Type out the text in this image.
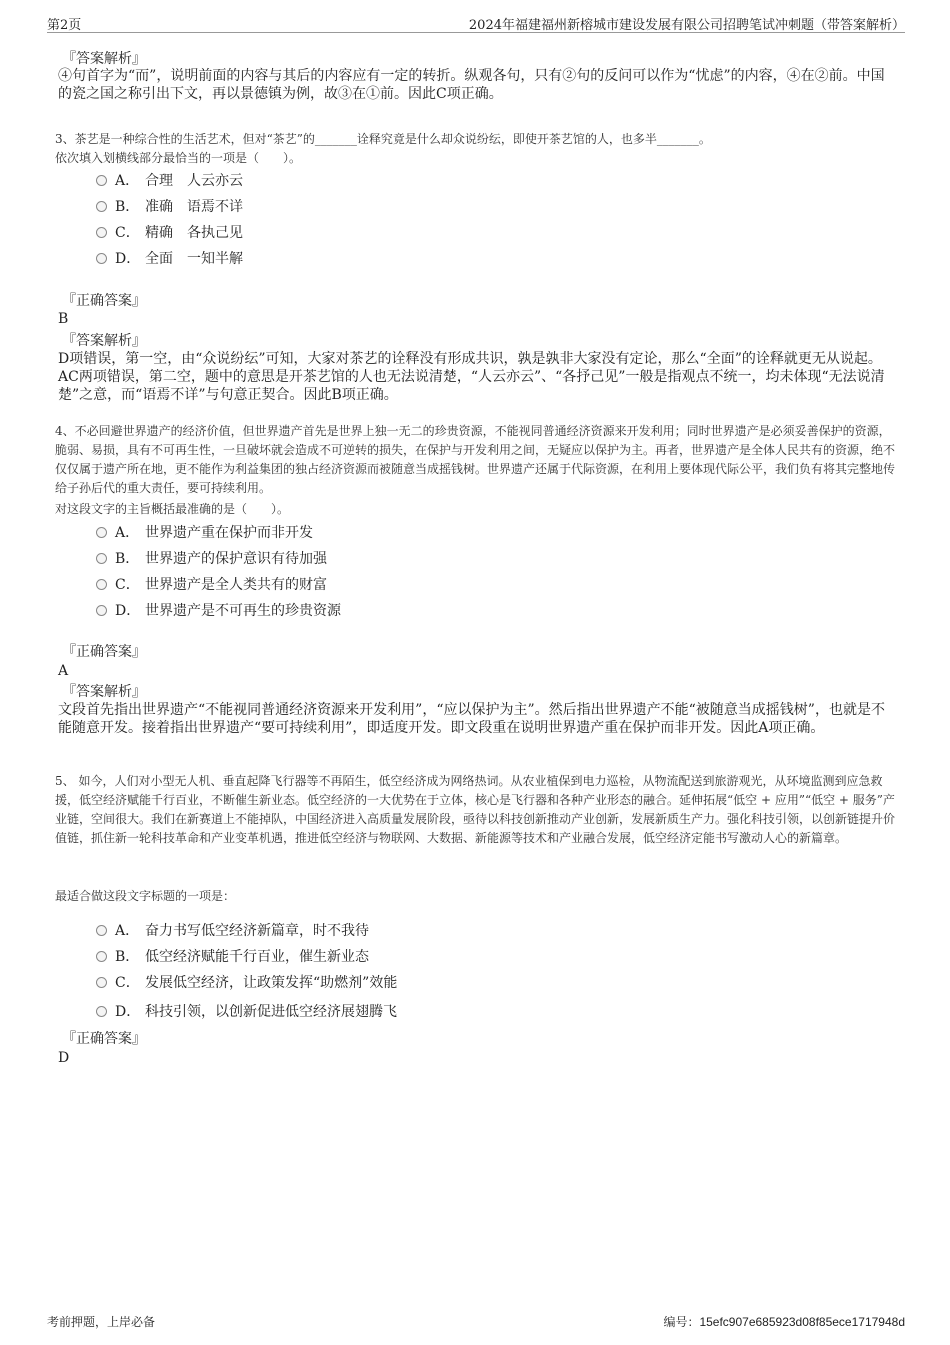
第2页	2024年福建福州新榕城市建设发展有限公司招聘笔试冲刺题（带答案解析）
『答案解析』
④句首字为“而”，说明前面的内容与其后的内容应有一定的转折。纵观各句，只有②句的反问可以作为“忧虑”的内容，④在②前。中国的瓷之国之称引出下文，再以景德镇为例，故③在①前。因此C项正确。
3、茶艺是一种综合性的生活艺术，但对“茶艺”的_______诠释究竟是什么却众说纷纭，即使开茶艺馆的人，也多半_______。
依次填入划横线部分最恰当的一项是（　　）。
A． 合理　人云亦云
B． 准确　语焉不详
C． 精确　各执己见
D． 全面　一知半解
『正确答案』
B
『答案解析』
D项错误，第一空，由“众说纷纭”可知，大家对茶艺的诠释没有形成共识，孰是孰非大家没有定论，那么“全面”的诠释就更无从说起。AC两项错误，第二空，题中的意思是开茶艺馆的人也无法说清楚，“人云亦云”、“各抒己见”一般是指观点不统一，均未体现“无法说清楚”之意，而“语焉不详”与句意正契合。因此B项正确。
4、不必回避世界遗产的经济价值，但世界遗产首先是世界上独一无二的珍贵资源，不能视同普通经济资源来开发利用；同时世界遗产是必须妥善保护的资源，脆弱、易损，具有不可再生性，一旦破坏就会造成不可逆转的损失，在保护与开发利用之间，无疑应以保护为主。再者，世界遗产是全体人民共有的资源，绝不仅仅属于遗产所在地，更不能作为利益集团的独占经济资源而被随意当成摇钱树。世界遗产还属于代际资源，在利用上要体现代际公平，我们负有将其完整地传给子孙后代的重大责任，要可持续利用。
对这段文字的主旨概括最准确的是（　　）。
A． 世界遗产重在保护而非开发
B． 世界遗产的保护意识有待加强
C． 世界遗产是全人类共有的财富
D． 世界遗产是不可再生的珍贵资源
『正确答案』
A
『答案解析』
文段首先指出世界遗产“不能视同普通经济资源来开发利用”，“应以保护为主”。然后指出世界遗产不能“被随意当成摇钱树”，也就是不能随意开发。接着指出世界遗产“要可持续利用”，即适度开发。即文段重在说明世界遗产重在保护而非开发。因此A项正确。
5、 如今，人们对小型无人机、垂直起降飞行器等不再陌生，低空经济成为网络热词。从农业植保到电力巡检，从物流配送到旅游观光，从环境监测到应急救援，低空经济赋能千行百业，不断催生新业态。低空经济的一大优势在于立体，核心是飞行器和各种产业形态的融合。延伸拓展“低空 + 应用”“低空 + 服务”产业链，空间很大。我们在新赛道上不能掉队，中国经济进入高质量发展阶段，亟待以科技创新推动产业创新，发展新质生产力。强化科技引领，以创新链提升价值链，抓住新一轮科技革命和产业变革机遇，推进低空经济与物联网、大数据、新能源等技术和产业融合发展，低空经济定能书写激动人心的新篇章。
最适合做这段文字标题的一项是：
A． 奋力书写低空经济新篇章，时不我待
B． 低空经济赋能千行百业，催生新业态
C． 发展低空经济，让政策发挥“助燃剂”效能
D． 科技引领，以创新促进低空经济展翅腾飞
『正确答案』
D
考前押题，上岸必备	编号：15efc907e685923d08f85ece1717948d
